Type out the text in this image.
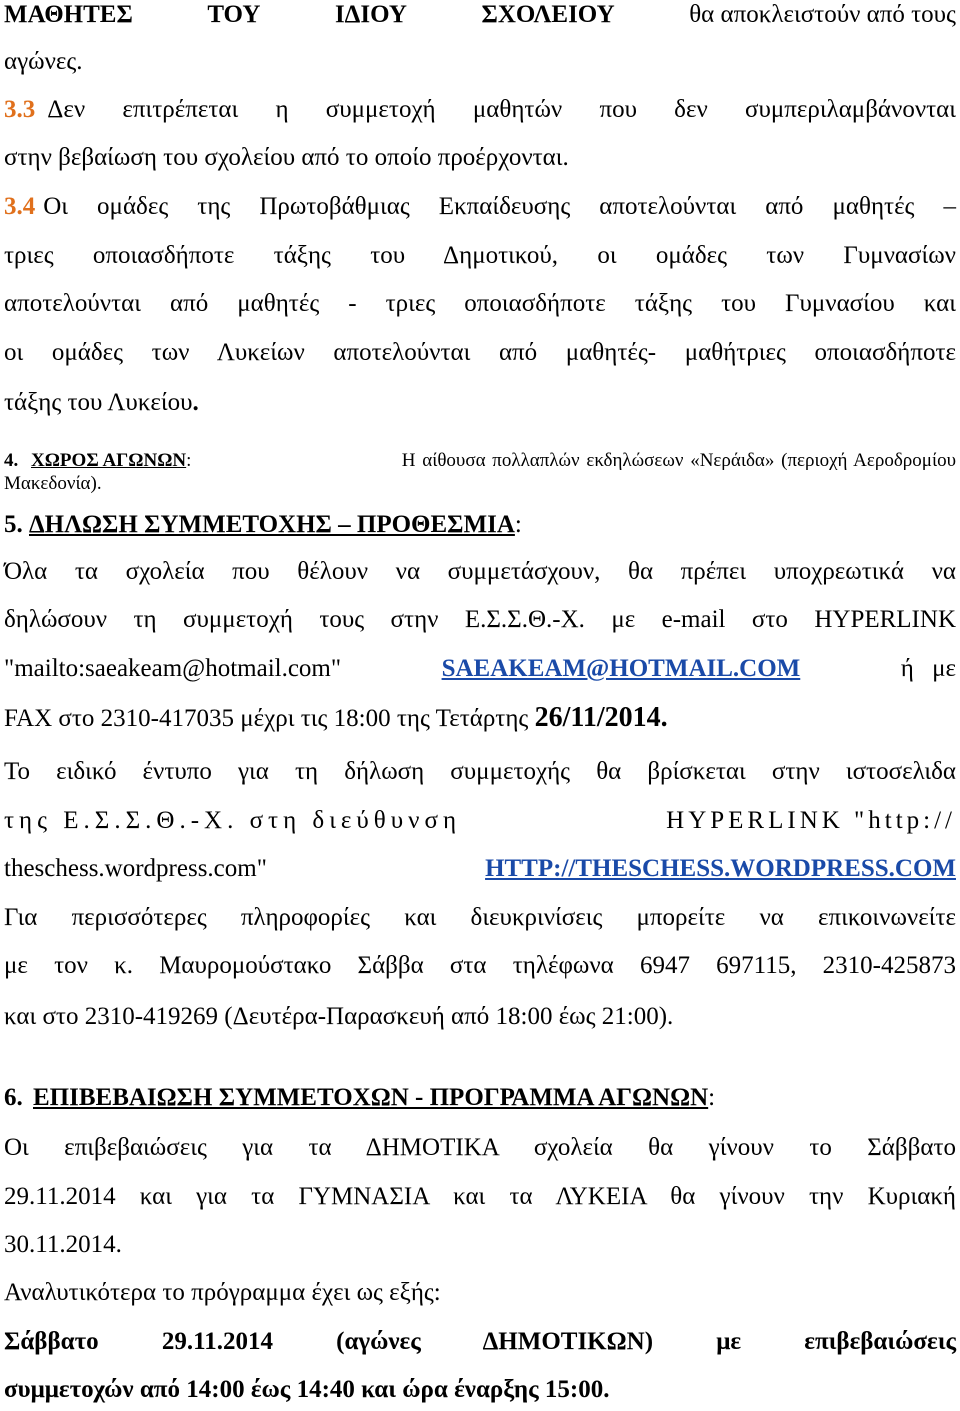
ΜΑΘΗΤΕΣ	ΤΟΥ	ΙΔΙΟΥ	ΣΧΟΛΕΙΟΥ	θα αποκλειστούν από τους
αγώνες.
3.3 Δεν επιτρέπεται η συμμετοχή μαθητών που δεν συμπεριλαμβάνονται
στην βεβαίωση του σχολείου από το οποίο προέρχονται.
3.4 Οι ομάδες της Πρωτοβάθμιας Εκπαίδευσης αποτελούνται από μαθητές –
τριες οποιασδήποτε τάξης του Δημοτικού, οι ομάδες των Γυμνασίων
αποτελούνται από μαθητές - τριες οποιασδήποτε τάξης του Γυμνασίου και
οι ομάδες των Λυκείων αποτελούνται από μαθητές- μαθήτριες οποιασδήποτε
τάξης του Λυκείου.
4. ΧΩΡΟΣ ΑΓΩΝΩΝ:	Η αίθουσα πολλαπλών εκδηλώσεων «Νεράιδα» (περιοχή Αεροδρομίου
Μακεδονία).
5. ΔΗΛΩΣΗ ΣΥΜΜΕΤΟΧΗΣ – ΠΡΟΘΕΣΜΙΑ:
Όλα τα σχολεία που θέλουν να συμμετάσχουν, θα πρέπει υποχρεωτικά να
δηλώσουν τη συμμετοχή τους στην Ε.Σ.Σ.Θ.-Χ. με e-mail στο HYPERLINK
"mailto:saeakeam@hotmail.com"	SAEAKEAM@HOTMAIL.COM	ή με
FAX στο 2310-417035 μέχρι τις 18:00 της Τετάρτης 26/11/2014.
Το ειδικό έντυπο για τη δήλωση συμμετοχής θα βρίσκεται στην ιστοσελιδα
της Ε.Σ.Σ.Θ.-Χ. στη διεύθυνση	HYPERLINK "http://
theschess.wordpress.com"	HTTP://THESCHESS.WORDPRESS.COM
Για περισσότερες πληροφορίες και διευκρινίσεις μπορείτε να επικοινωνείτε
με τον κ. Μαυρομούστακο Σάββα στα τηλέφωνα 6947 697115, 2310-425873
και στο 2310-419269 (Δευτέρα-Παρασκευή από 18:00 έως 21:00).
6. ΕΠΙΒΕΒΑΙΩΣΗ ΣΥΜΜΕΤΟΧΩΝ - ΠΡΟΓΡΑΜΜΑ ΑΓΩΝΩΝ:
Οι επιβεβαιώσεις για τα ΔΗΜΟΤΙΚΑ σχολεία θα γίνουν το Σάββατο
29.11.2014 και για τα ΓΥΜΝΑΣΙΑ και τα ΛΥΚΕΙΑ θα γίνουν την Κυριακή
30.11.2014.
Αναλυτικότερα το πρόγραμμα έχει ως εξής:
Σάββατο 29.11.2014 (αγώνες ΔΗΜΟΤΙΚΩΝ) με επιβεβαιώσεις
συμμετοχών από 14:00 έως 14:40 και ώρα έναρξης 15:00.
